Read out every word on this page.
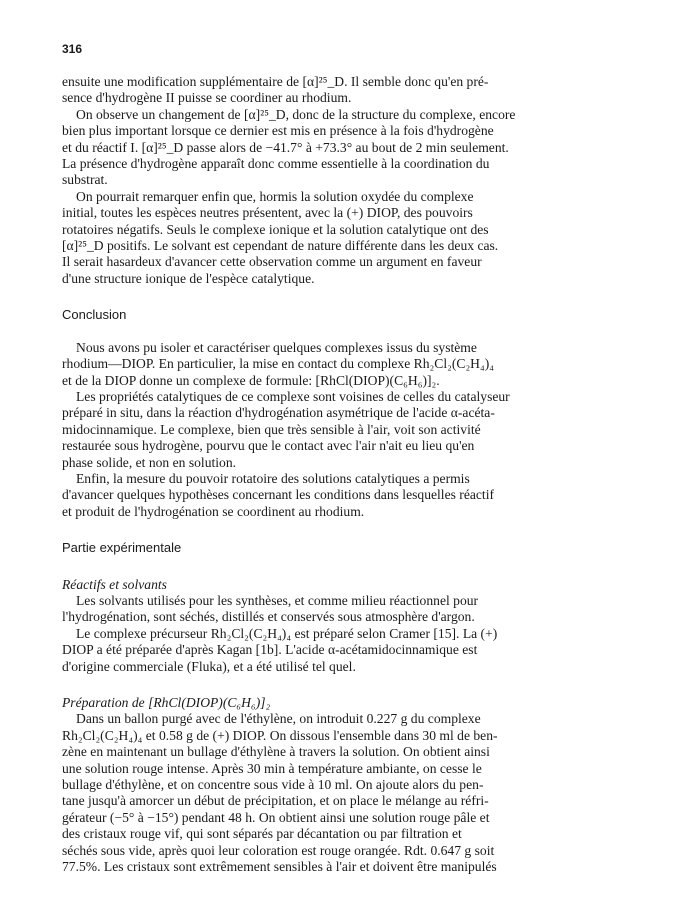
316
ensuite une modification supplémentaire de [α]²⁵_D. Il semble donc qu'en pré-
sence d'hydrogène II puisse se coordiner au rhodium.
On observe un changement de [α]²⁵_D, donc de la structure du complexe, encore
bien plus important lorsque ce dernier est mis en présence à la fois d'hydrogène
et du réactif I. [α]²⁵_D passe alors de −41.7° à +73.3° au bout de 2 min seulement.
La présence d'hydrogène apparaît donc comme essentielle à la coordination du
substrat.
On pourrait remarquer enfin que, hormis la solution oxydée du complexe
initial, toutes les espèces neutres présentent, avec la (+) DIOP, des pouvoirs
rotatoires négatifs. Seuls le complexe ionique et la solution catalytique ont des
[α]²⁵_D positifs. Le solvant est cependant de nature différente dans les deux cas.
Il serait hasardeux d'avancer cette observation comme un argument en faveur
d'une structure ionique de l'espèce catalytique.
Conclusion
Nous avons pu isoler et caractériser quelques complexes issus du système
rhodium—DIOP. En particulier, la mise en contact du complexe Rh₂Cl₂(C₂H₄)₄
et de la DIOP donne un complexe de formule: [RhCl(DIOP)(C₆H₆)]₂.
Les propriétés catalytiques de ce complexe sont voisines de celles du catalyseur
préparé in situ, dans la réaction d'hydrogénation asymétrique de l'acide α-acéta-
midocinnamique. Le complexe, bien que très sensible à l'air, voit son activité
restaurée sous hydrogène, pourvu que le contact avec l'air n'ait eu lieu qu'en
phase solide, et non en solution.
Enfin, la mesure du pouvoir rotatoire des solutions catalytiques a permis
d'avancer quelques hypothèses concernant les conditions dans lesquelles réactif
et produit de l'hydrogénation se coordinent au rhodium.
Partie expérimentale
Réactifs et solvants
Les solvants utilisés pour les synthèses, et comme milieu réactionnel pour
l'hydrogénation, sont séchés, distillés et conservés sous atmosphère d'argon.
Le complexe précurseur Rh₂Cl₂(C₂H₄)₄ est préparé selon Cramer [15]. La (+)
DIOP a été préparée d'après Kagan [1b]. L'acide α-acétamidocinnamique est
d'origine commerciale (Fluka), et a été utilisé tel quel.
Préparation de [RhCl(DIOP)(C₆H₆)]₂
Dans un ballon purgé avec de l'éthylène, on introduit 0.227 g du complexe
Rh₂Cl₂(C₂H₄)₄ et 0.58 g de (+) DIOP. On dissous l'ensemble dans 30 ml de ben-
zène en maintenant un bullage d'éthylène à travers la solution. On obtient ainsi
une solution rouge intense. Après 30 min à température ambiante, on cesse le
bullage d'éthylène, et on concentre sous vide à 10 ml. On ajoute alors du pen-
tane jusqu'à amorcer un début de précipitation, et on place le mélange au réfri-
gérateur (−5° à −15°) pendant 48 h. On obtient ainsi une solution rouge pâle et
des cristaux rouge vif, qui sont séparés par décantation ou par filtration et
séchés sous vide, après quoi leur coloration est rouge orangée. Rdt. 0.647 g soit
77.5%. Les cristaux sont extrêmement sensibles à l'air et doivent être manipulés
